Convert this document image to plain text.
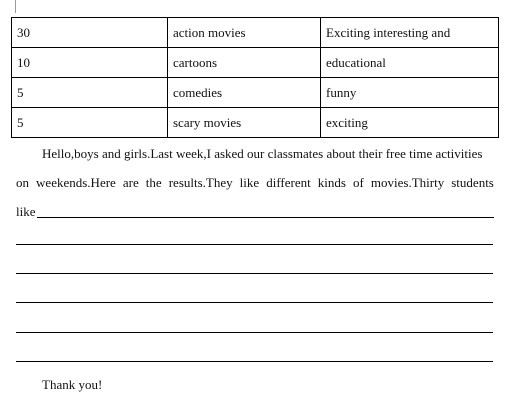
30	action movies	Exciting interesting and
10	cartoons	educational
5	comedies	funny
5	scary movies	exciting
Hello,boys and girls.Last week,I asked our classmates about their free time activities
on weekends.Here are the results.They like different kinds of movies.Thirty students
like
Thank you!
